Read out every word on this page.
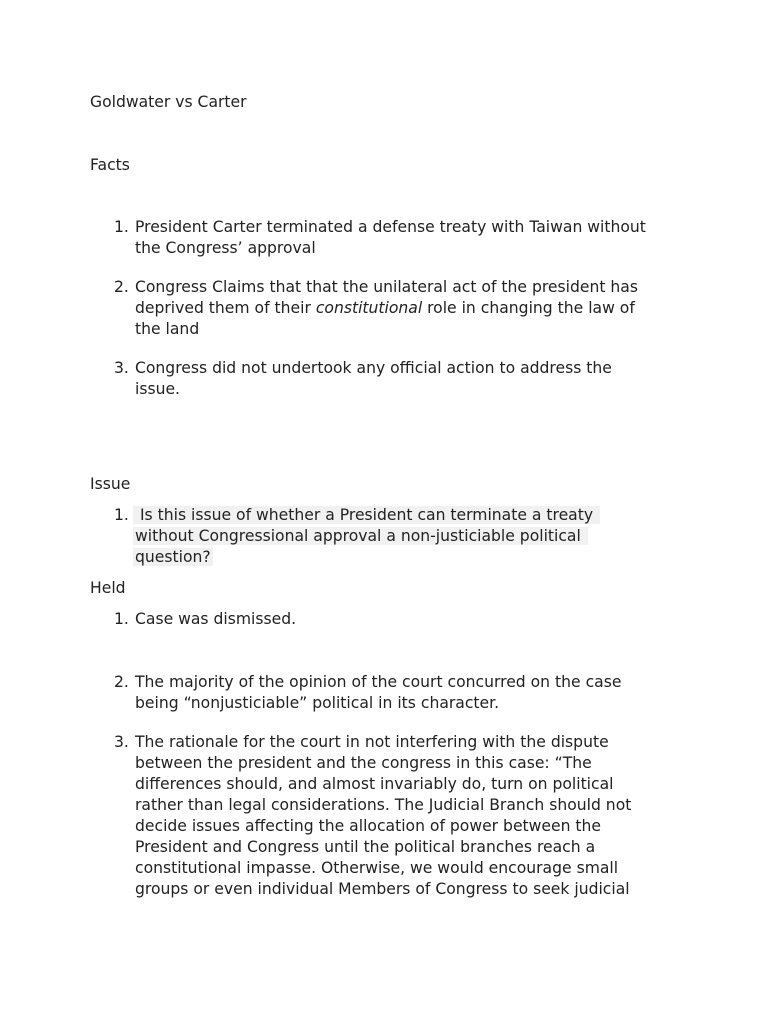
Goldwater vs Carter
Facts
1. President Carter terminated a defense treaty with Taiwan without
the Congress’ approval
2. Congress Claims that that the unilateral act of the president has
deprived them of their constitutional role in changing the law of
the land
3. Congress did not undertook any official action to address the
issue.
Issue
1. Is this issue of whether a President can terminate a treaty
without Congressional approval a non-justiciable political
question?
Held
1. Case was dismissed.
2. The majority of the opinion of the court concurred on the case
being “nonjusticiable” political in its character.
3. The rationale for the court in not interfering with the dispute
between the president and the congress in this case: “The
differences should, and almost invariably do, turn on political
rather than legal considerations. The Judicial Branch should not
decide issues affecting the allocation of power between the
President and Congress until the political branches reach a
constitutional impasse. Otherwise, we would encourage small
groups or even individual Members of Congress to seek judicial
